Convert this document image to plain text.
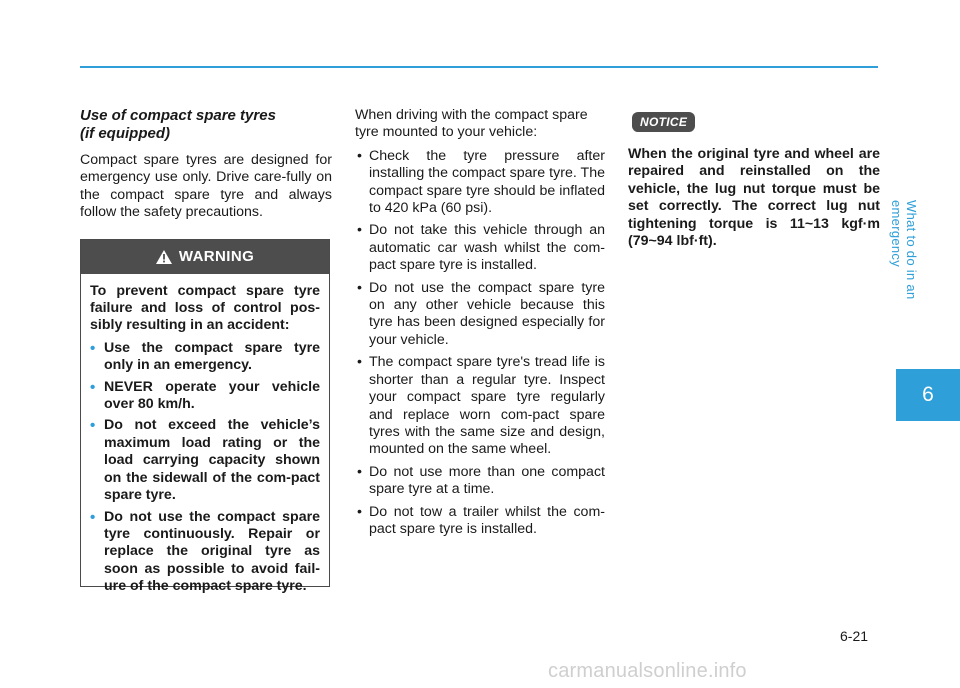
What to do in an emergency
6
6-21
Use of compact spare tyres
(if equipped)

Compact spare tyres are designed for emergency use only. Drive care-fully on the compact spare tyre and always follow the safety precautions.

WARNING

To prevent compact spare tyre failure and loss of control pos-sibly resulting in an accident:

• Use the compact spare tyre only in an emergency.
• NEVER operate your vehicle over 80 km/h.
• Do not exceed the vehicle’s maximum load rating or the load carrying capacity shown on the sidewall of the com-pact spare tyre.
• Do not use the compact spare tyre continuously. Repair or replace the original tyre as soon as possible to avoid fail-ure of the compact spare tyre.

When driving with the compact spare tyre mounted to your vehicle:

• Check the tyre pressure after installing the compact spare tyre. The compact spare tyre should be inflated to 420 kPa (60 psi).
• Do not take this vehicle through an automatic car wash whilst the com-pact spare tyre is installed.
• Do not use the compact spare tyre on any other vehicle because this tyre has been designed especially for your vehicle.
• The compact spare tyre's tread life is shorter than a regular tyre. Inspect your compact spare tyre regularly and replace worn com-pact spare tyres with the same size and design, mounted on the same wheel.
• Do not use more than one compact spare tyre at a time.
• Do not tow a trailer whilst the com-pact spare tyre is installed.
NOTICE

When the original tyre and wheel are repaired and reinstalled on the vehicle, the lug nut torque must be set correctly. The correct lug nut tightening torque is 11~13 kgf·m (79~94 lbf·ft).

carmanualsonline.info
